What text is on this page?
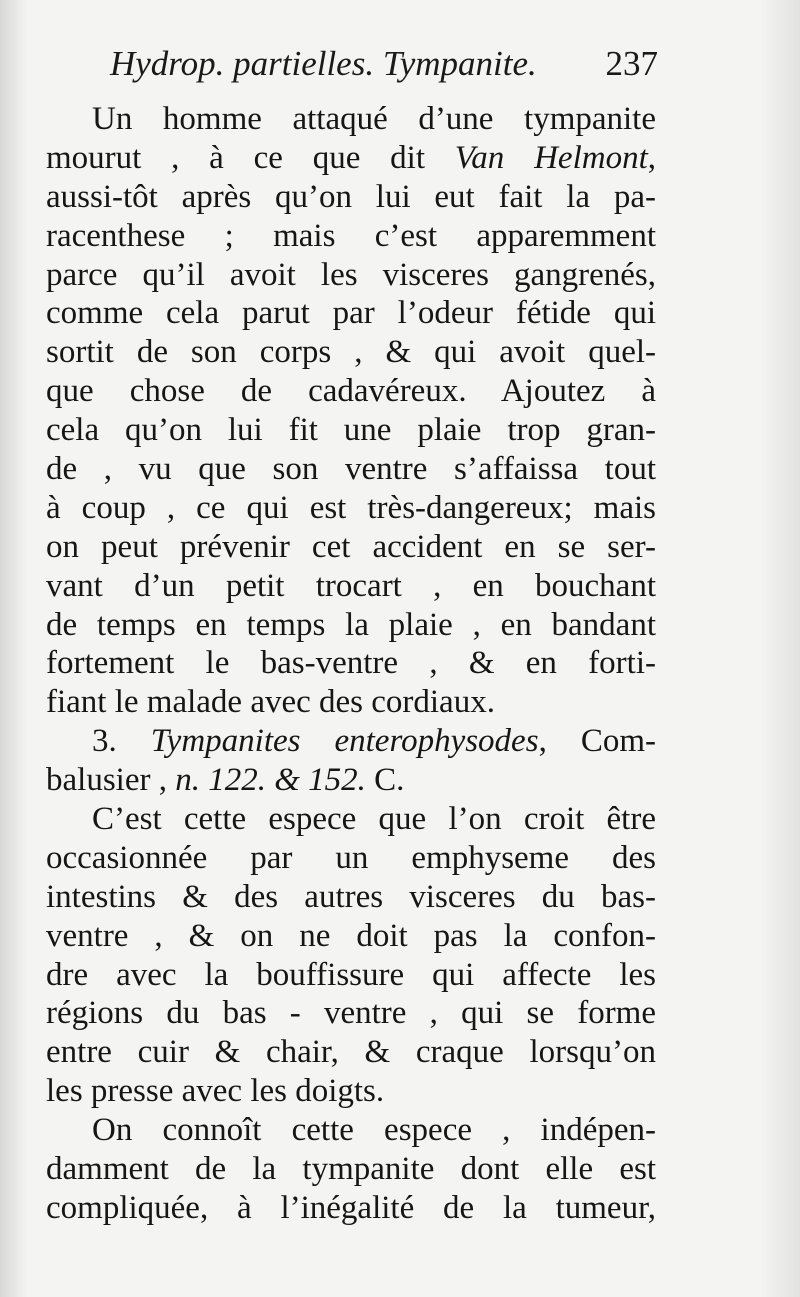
Hydrop. partielles. Tympanite. 237
Un homme attaqué d’une tympanite
mourut , à ce que dit Van Helmont,
aussi-tôt après qu’on lui eut fait la pa-
racenthese ; mais c’est apparemment
parce qu’il avoit les visceres gangrenés,
comme cela parut par l’odeur fétide qui
sortit de son corps , & qui avoit quel-
que chose de cadavéreux. Ajoutez à
cela qu’on lui fit une plaie trop gran-
de , vu que son ventre s’affaissa tout
à coup , ce qui est très-dangereux; mais
on peut prévenir cet accident en se ser-
vant d’un petit trocart , en bouchant
de temps en temps la plaie , en bandant
fortement le bas-ventre , & en forti-
fiant le malade avec des cordiaux.
3. Tympanites enterophysodes, Com-
balusier , n. 122. & 152. C.
C’est cette espece que l’on croit être
occasionnée par un emphyseme des
intestins & des autres visceres du bas-
ventre , & on ne doit pas la confon-
dre avec la bouffissure qui affecte les
régions du bas - ventre , qui se forme
entre cuir & chair, & craque lorsqu’on
les presse avec les doigts.
On connoît cette espece , indépen-
damment de la tympanite dont elle est
compliquée, à l’inégalité de la tumeur,
